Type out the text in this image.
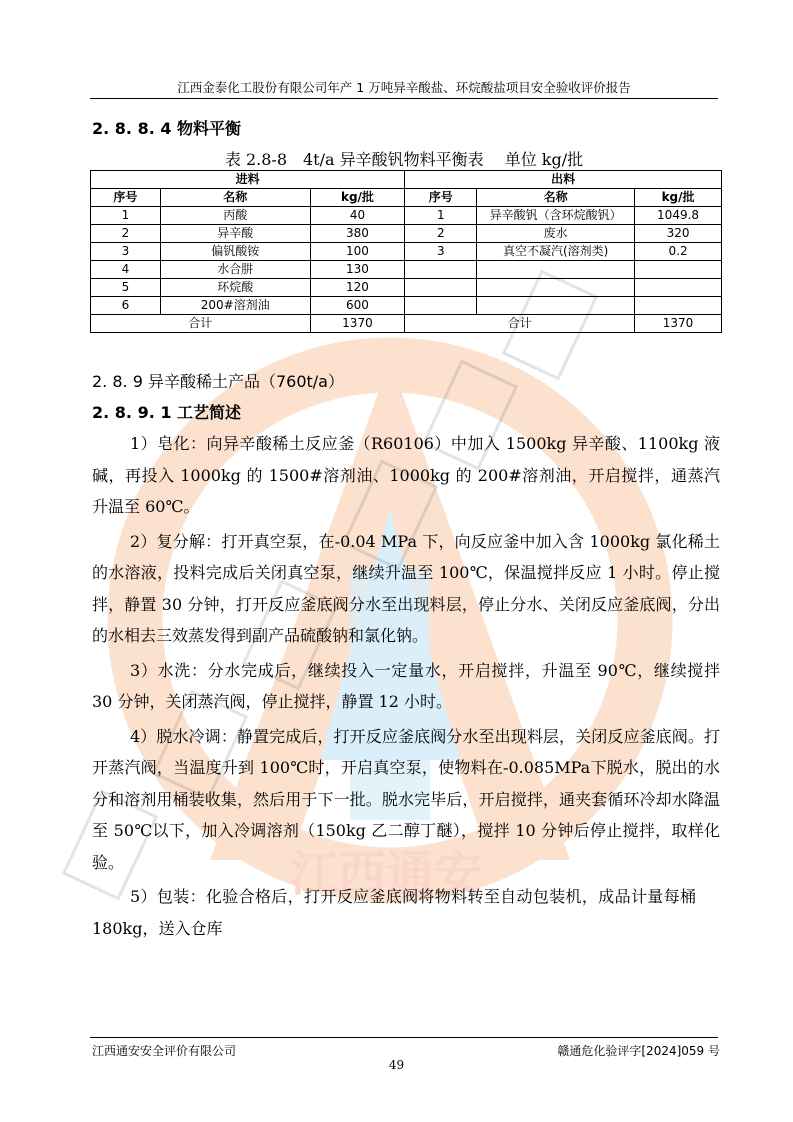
江西通安
江西金泰化工股份有限公司年产 1 万吨异辛酸盐、环烷酸盐项目安全验收评价报告
2. 8. 8. 4 物料平衡
表 2.8-8　4t/a 异辛酸钒物料平衡表　 单位 kg/批
进料			出料		
序号	名称	kg/批	序号	名称	kg/批
1	丙酸	40	1	异辛酸钒（含环烷酸钒）	1049.8
2	异辛酸	380	2	废水	320
3	偏钒酸铵	100	3	真空不凝汽(溶剂类)	0.2
4	水合肼	130			
5	环烷酸	120			
6	200#溶剂油	600			
合计		1370	合计		1370
2. 8. 9 异辛酸稀土产品（760t/a）
2. 8. 9. 1 工艺简述

1）皂化：向异辛酸稀土反应釜（R60106）中加入 1500kg 异辛酸、1100kg 液碱，再投入 1000kg 的 1500#溶剂油、1000kg 的 200#溶剂油，开启搅拌，通蒸汽升温至 60℃。

2）复分解：打开真空泵，在-0.04 MPa 下，向反应釜中加入含 1000kg 氯化稀土的水溶液，投料完成后关闭真空泵，继续升温至 100℃，保温搅拌反应 1 小时。停止搅拌，静置 30 分钟，打开反应釜底阀分水至出现料层，停止分水、关闭反应釜底阀，分出的水相去三效蒸发得到副产品硫酸钠和氯化钠。

3）水洗：分水完成后，继续投入一定量水，开启搅拌，升温至 90℃，继续搅拌 30 分钟，关闭蒸汽阀，停止搅拌，静置 12 小时。

4）脱水冷调：静置完成后，打开反应釜底阀分水至出现料层，关闭反应釜底阀。打开蒸汽阀，当温度升到 100℃时，开启真空泵，使物料在-0.085MPa下脱水，脱出的水分和溶剂用桶装收集，然后用于下一批。脱水完毕后，开启搅拌，通夹套循环冷却水降温至 50℃以下，加入冷调溶剂（150kg 乙二醇丁醚），搅拌 10 分钟后停止搅拌，取样化验。

5）包装：化验合格后，打开反应釜底阀将物料转至自动包装机，成品计量每桶 180kg，送入仓库

江西通安安全评价有限公司	赣通危化验评字[2024]059 号
49
